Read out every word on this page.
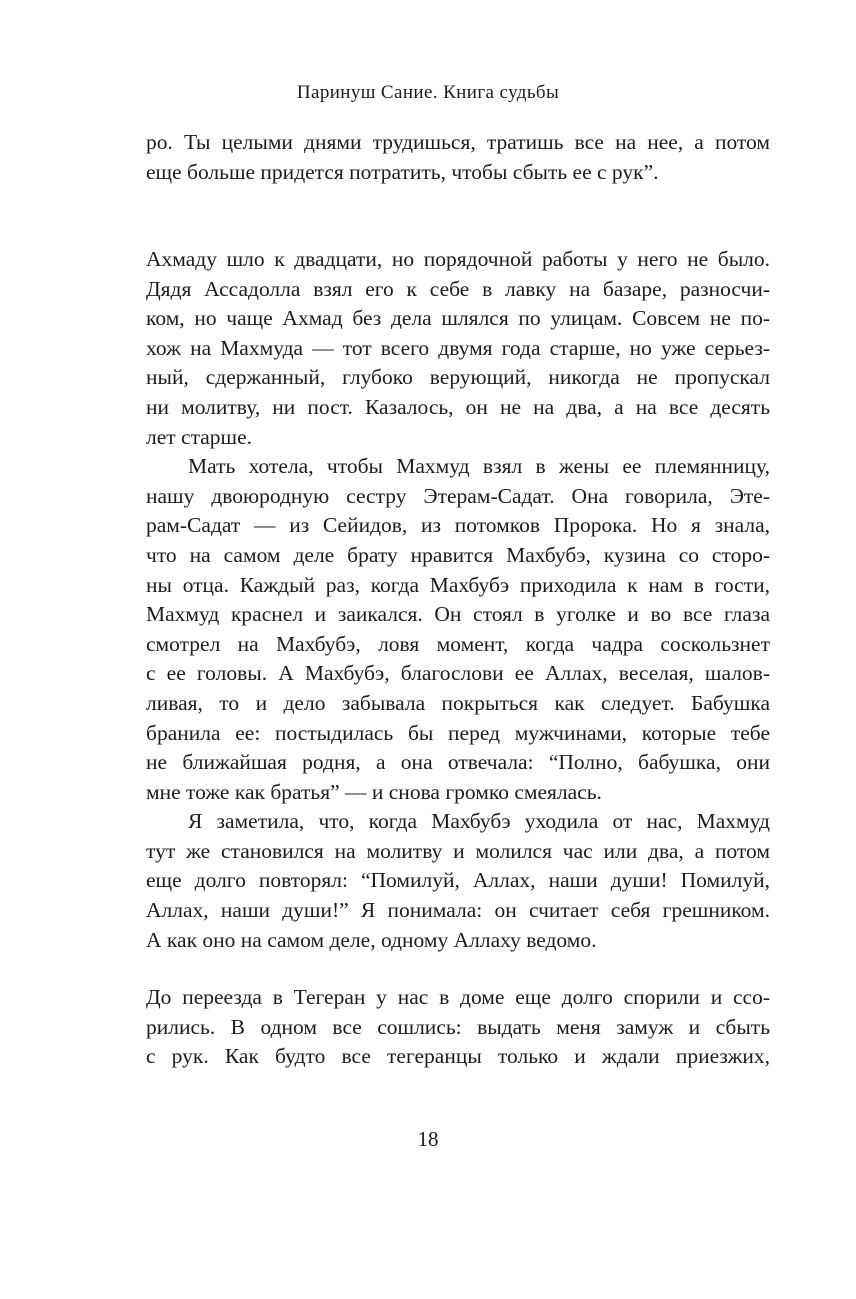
Паринуш Сание. Книга судьбы
ро. Ты целыми днями трудишься, тратишь все на нее, а потом
еще больше придется потратить, чтобы сбыть ее с рук”.
Ахмаду шло к двадцати, но порядочной работы у него не было.
Дядя Ассадолла взял его к себе в лавку на базаре, разносчи-
ком, но чаще Ахмад без дела шлялся по улицам. Совсем не по-
хож на Махмуда — тот всего двумя года старше, но уже серьез-
ный, сдержанный, глубоко верующий, никогда не пропускал
ни молитву, ни пост. Казалось, он не на два, а на все десять
лет старше.
Мать хотела, чтобы Махмуд взял в жены ее племянницу,
нашу двоюродную сестру Этерам-Садат. Она говорила, Эте-
рам-Садат — из Сейидов, из потомков Пророка. Но я знала,
что на самом деле брату нравится Махбубэ, кузина со сторо-
ны отца. Каждый раз, когда Махбубэ приходила к нам в гости,
Махмуд краснел и заикался. Он стоял в уголке и во все глаза
смотрел на Махбубэ, ловя момент, когда чадра соскользнет
с ее головы. А Махбубэ, благослови ее Аллах, веселая, шалов-
ливая, то и дело забывала покрыться как следует. Бабушка
бранила ее: постыдилась бы перед мужчинами, которые тебе
не ближайшая родня, а она отвечала: “Полно, бабушка, они
мне тоже как братья” — и снова громко смеялась.
Я заметила, что, когда Махбубэ уходила от нас, Махмуд
тут же становился на молитву и молился час или два, а потом
еще долго повторял: “Помилуй, Аллах, наши души! Помилуй,
Аллах, наши души!” Я понимала: он считает себя грешником.
А как оно на самом деле, одному Аллаху ведомо.
До переезда в Тегеран у нас в доме еще долго спорили и ссо-
рились. В одном все сошлись: выдать меня замуж и сбыть
с рук. Как будто все тегеранцы только и ждали приезжих,
18
